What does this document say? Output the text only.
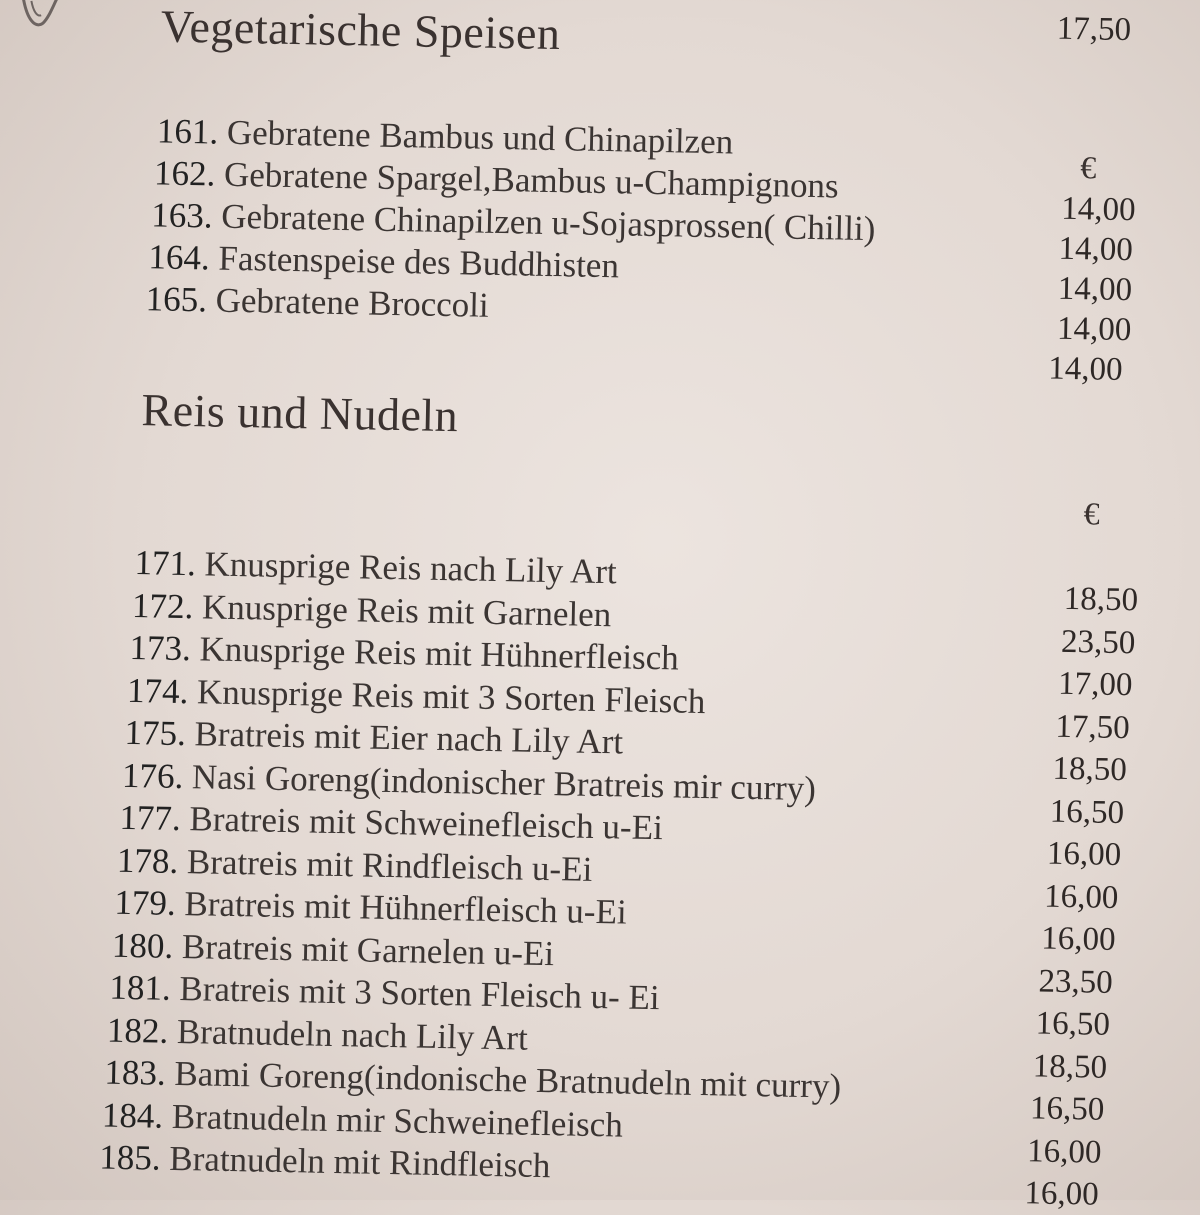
17,50
Vegetarische Speisen
€
161. Gebratene Bambus und Chinapilzen
162. Gebratene Spargel,Bambus u-Champignons
163. Gebratene Chinapilzen u-Sojasprossen( Chilli)
164. Fastenspeise des Buddhisten
165. Gebratene Broccoli
14,00
14,00
14,00
14,00
14,00
Reis und Nudeln
€
171. Knusprige Reis nach Lily Art
18,50
172. Knusprige Reis mit Garnelen
23,50
173. Knusprige Reis mit Hühnerfleisch
17,00
174. Knusprige Reis mit 3 Sorten Fleisch
17,50
175. Bratreis mit Eier nach Lily Art
18,50
176. Nasi Goreng(indonischer Bratreis mir curry)
16,50
177. Bratreis mit Schweinefleisch u-Ei
16,00
178. Bratreis mit Rindfleisch u-Ei
16,00
179. Bratreis mit Hühnerfleisch u-Ei
16,00
180. Bratreis mit Garnelen u-Ei
23,50
181. Bratreis mit 3 Sorten Fleisch u- Ei
16,50
182. Bratnudeln nach Lily Art
18,50
183. Bami Goreng(indonische Bratnudeln mit curry)
16,50
184. Bratnudeln mir Schweinefleisch
16,00
185. Bratnudeln mit Rindfleisch
16,00
